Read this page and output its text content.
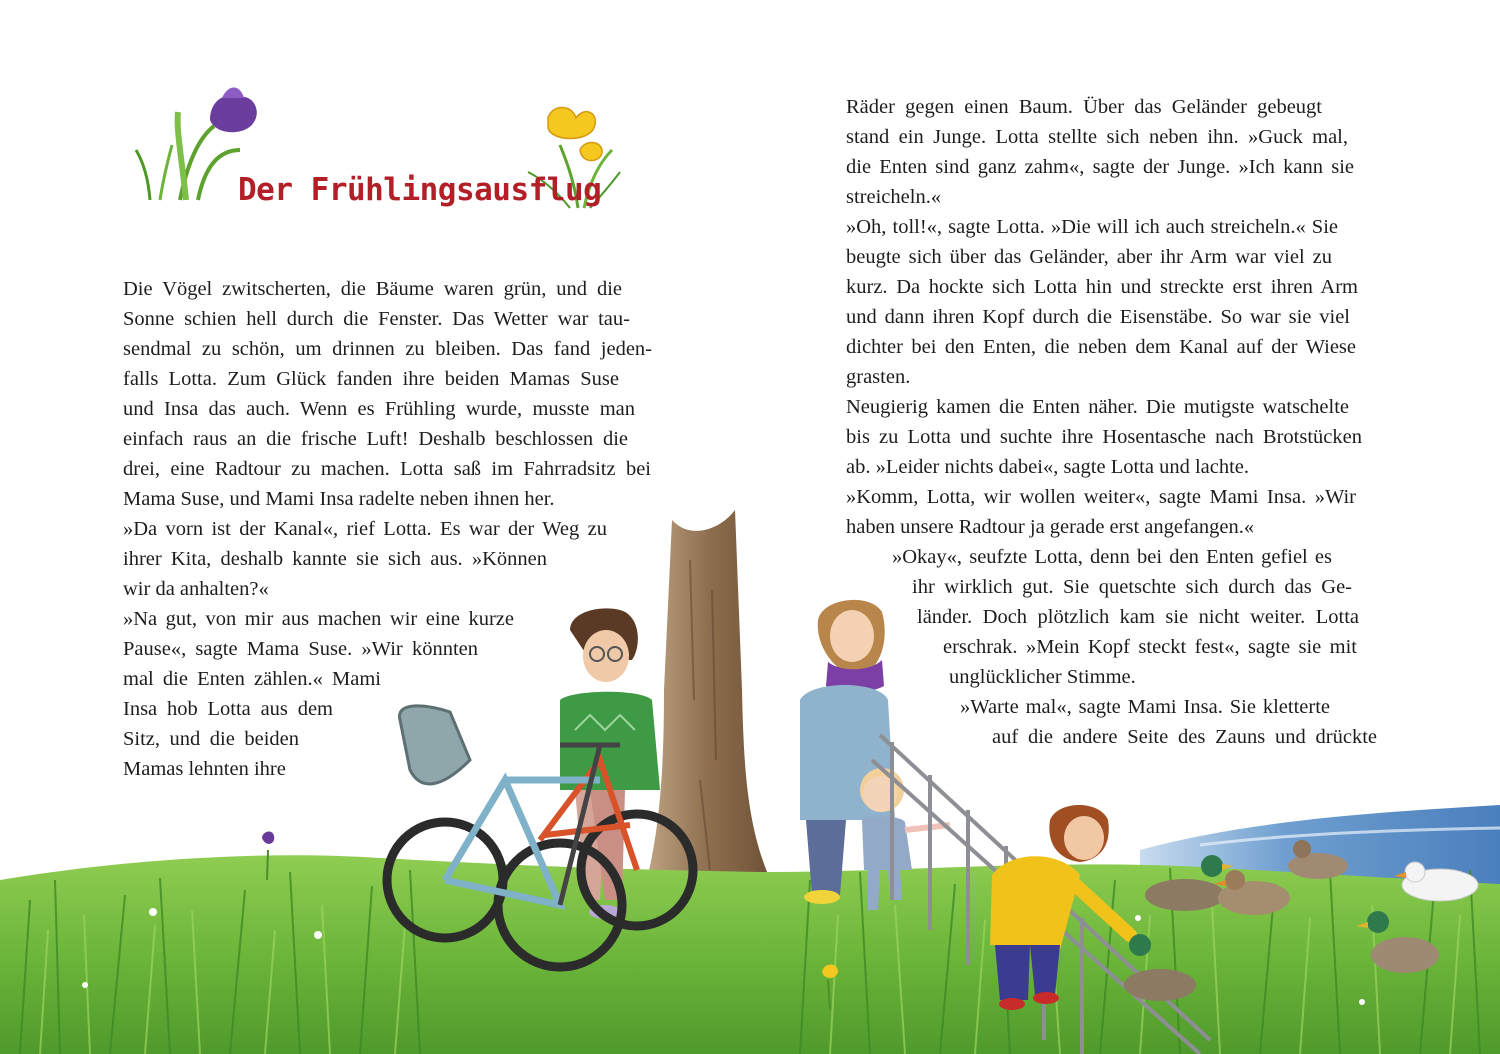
Der Frühlingsausflug
Die Vögel zwitscherten, die Bäume waren grün, und die
Sonne schien hell durch die Fenster. Das Wetter war tau-
sendmal zu schön, um drinnen zu bleiben. Das fand jeden-
falls Lotta. Zum Glück fanden ihre beiden Mamas Suse
und Insa das auch. Wenn es Frühling wurde, musste man
einfach raus an die frische Luft! Deshalb beschlossen die
drei, eine Radtour zu machen. Lotta saß im Fahrradsitz bei
Mama Suse, und Mami Insa radelte neben ihnen her.
»Da vorn ist der Kanal«, rief Lotta. Es war der Weg zu
ihrer Kita, deshalb kannte sie sich aus. »Können
wir da anhalten?«
»Na gut, von mir aus machen wir eine kurze
Pause«, sagte Mama Suse. »Wir könnten
mal die Enten zählen.« Mami
Insa hob Lotta aus dem
Sitz, und die beiden
Mamas lehnten ihre
Räder gegen einen Baum. Über das Geländer gebeugt
stand ein Junge. Lotta stellte sich neben ihn. »Guck mal,
die Enten sind ganz zahm«, sagte der Junge. »Ich kann sie
streicheln.«
»Oh, toll!«, sagte Lotta. »Die will ich auch streicheln.« Sie
beugte sich über das Geländer, aber ihr Arm war viel zu
kurz. Da hockte sich Lotta hin und streckte erst ihren Arm
und dann ihren Kopf durch die Eisenstäbe. So war sie viel
dichter bei den Enten, die neben dem Kanal auf der Wiese
grasten.
Neugierig kamen die Enten näher. Die mutigste watschelte
bis zu Lotta und suchte ihre Hosentasche nach Brotstücken
ab. »Leider nichts dabei«, sagte Lotta und lachte.
»Komm, Lotta, wir wollen weiter«, sagte Mami Insa. »Wir
haben unsere Radtour ja gerade erst angefangen.«
»Okay«, seufzte Lotta, denn bei den Enten gefiel es
ihr wirklich gut. Sie quetschte sich durch das Ge-
länder. Doch plötzlich kam sie nicht weiter. Lotta
erschrak. »Mein Kopf steckt fest«, sagte sie mit
unglücklicher Stimme.
»Warte mal«, sagte Mami Insa. Sie kletterte
auf die andere Seite des Zauns und drückte
